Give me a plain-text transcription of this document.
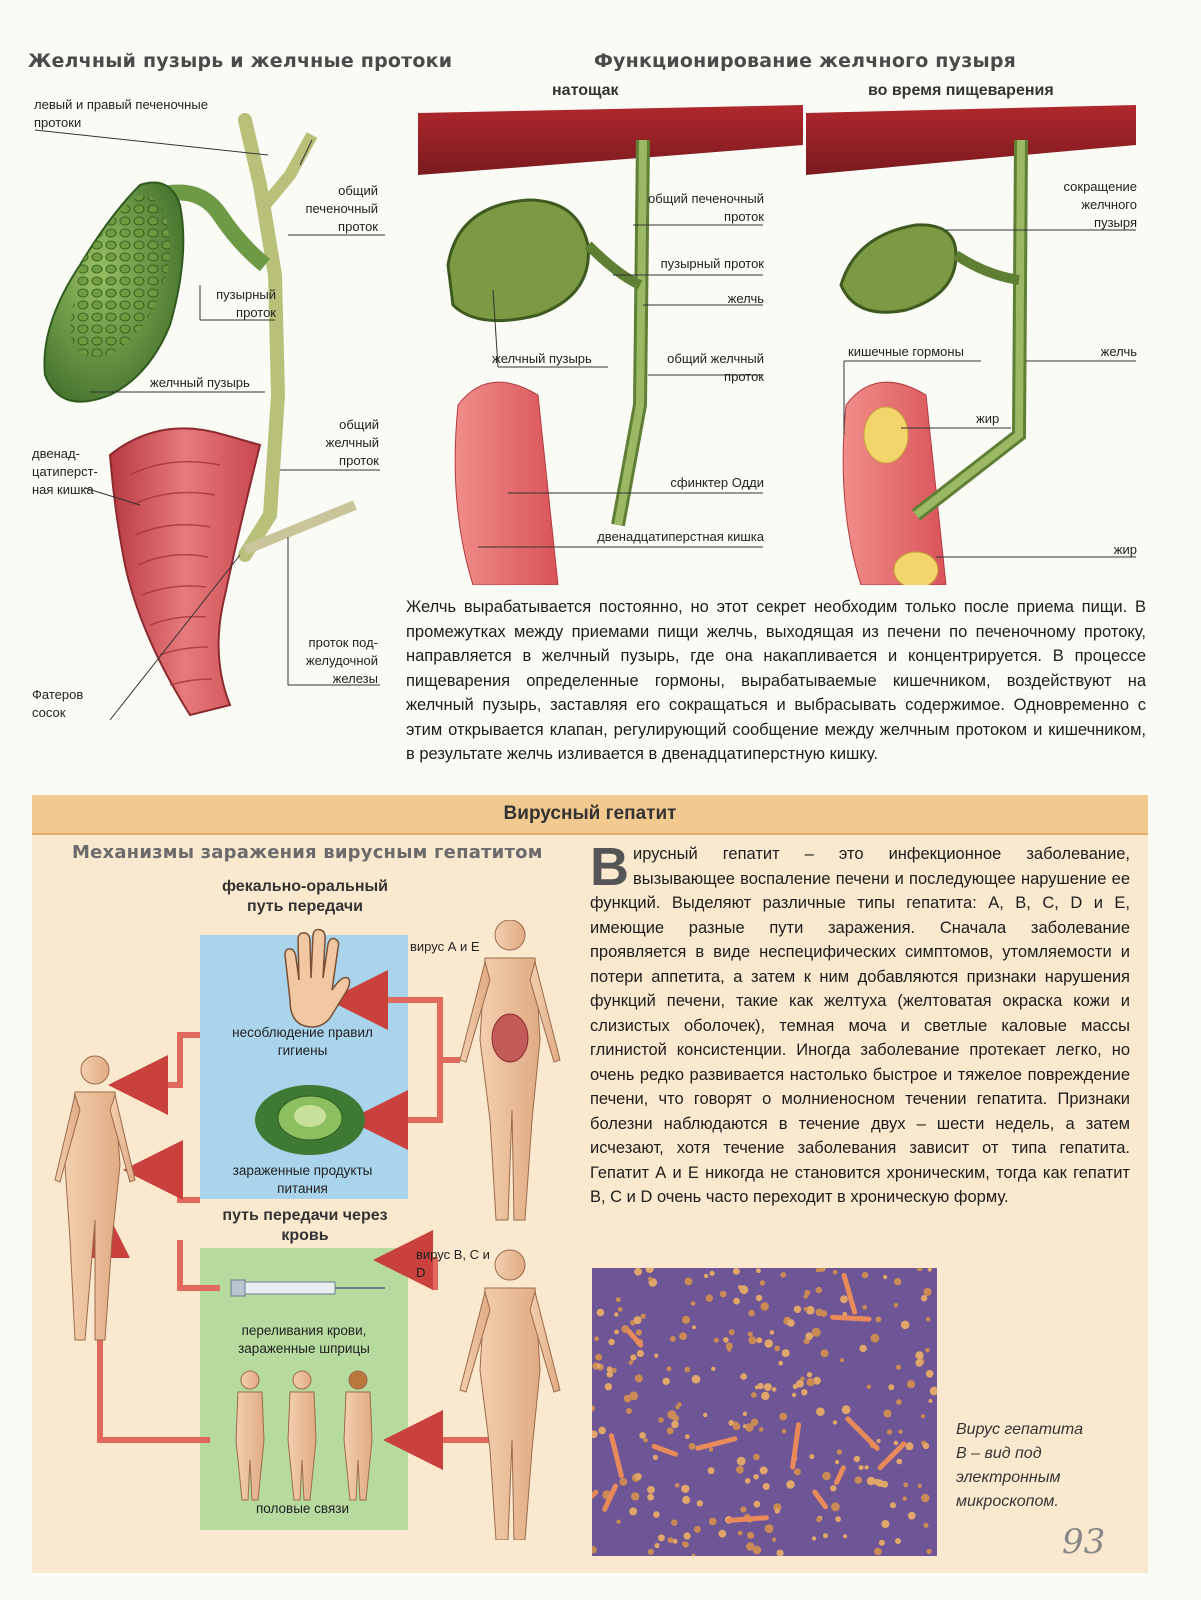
Желчный пузырь и желчные протоки
левый и правый печеночные протоки
общий печеночный проток
пузырный проток
желчный пузырь
двенад-цатиперст-ная кишка
общий желчный проток
проток под-желудочной железы
Фатеров сосок
Функционирование желчного пузыря
натощак	во время пищеварения
общий печеночный проток
пузырный проток
желчь
желчный пузырь	общий желчный проток
сфинктер Одди
двенадцатиперстная кишка
сокращение желчного пузыря
кишечные гормоны	желчь
жир
жир
Желчь вырабатывается постоянно, но этот секрет необходим только после приема пищи. В промежутках между приемами пищи желчь, выходящая из печени по печеночному протоку, направляется в желчный пузырь, где она накапливается и концентрируется. В процессе пищеварения определенные гормоны, вырабатываемые кишечником, воздействуют на желчный пузырь, заставляя его сокращаться и выбрасывать содержимое. Одновременно с этим открывается клапан, регулирующий сообщение между желчным протоком и кишечником, в результате желчь изливается в двенадцатиперстную кишку.
Вирусный гепатит
Механизмы заражения вирусным гепатитом
фекально-оральный путь передачи
путь передачи через кровь
вирус А и Е
несоблюдение правил гигиены
зараженные продукты питания
вирус В, С и D
переливания крови, зараженные шприцы
половые связи
Вирусный гепатит – это инфекционное заболевание, вызывающее воспаление печени и последующее нарушение ее функций. Выделяют различные типы гепатита: А, В, С, D и Е, имеющие разные пути заражения. Сначала заболевание проявляется в виде неспецифических симптомов, утомляемости и потери аппетита, а затем к ним добавляются признаки нарушения функций печени, такие как желтуха (желтоватая окраска кожи и слизистых оболочек), темная моча и светлые каловые массы глинистой консистенции. Иногда заболевание протекает легко, но очень редко развивается настолько быстрое и тяжелое повреждение печени, что говорят о молниеносном течении гепатита. Признаки болезни наблюдаются в течение двух – шести недель, а затем исчезают, хотя течение заболевания зависит от типа гепатита. Гепатит А и Е никогда не становится хроническим, тогда как гепатит В, С и D очень часто переходит в хроническую форму.
Вирус гепатита В – вид под электронным микроскопом.
93
